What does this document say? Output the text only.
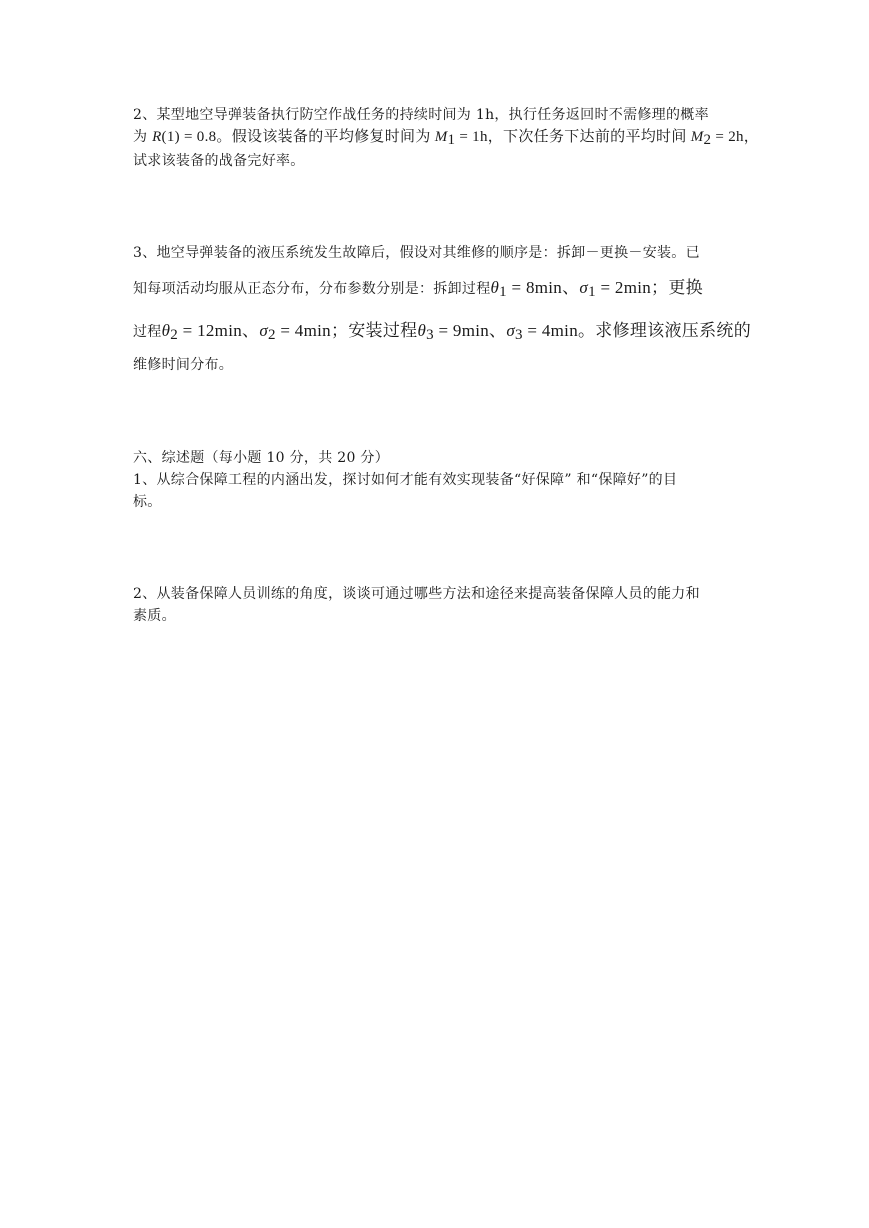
2、某型地空导弹装备执行防空作战任务的持续时间为 1h，执行任务返回时不需修理的概率
为 R(1) = 0.8。假设该装备的平均修复时间为 $M_1 = 1h$，下次任务下达前的平均时间 $M_2 = 2h$，
试求该装备的战备完好率。
3、地空导弹装备的液压系统发生故障后，假设对其维修的顺序是：拆卸－更换－安装。已
知每项活动均服从正态分布，分布参数分别是：拆卸过程$\theta_1 = 8\min$、$\sigma_1 = 2\min$；更换
过程$\theta_2 = 12\min$、$\sigma_2 = 4\min$；安装过程$\theta_3 = 9\min$、$\sigma_3 = 4\min$。求修理该液压系统的
维修时间分布。
六、综述题（每小题 10 分，共 20 分）
1、从综合保障工程的内涵出发，探讨如何才能有效实现装备“好保障” 和“保障好”的目
标。
2、从装备保障人员训练的角度，谈谈可通过哪些方法和途径来提高装备保障人员的能力和
素质。
